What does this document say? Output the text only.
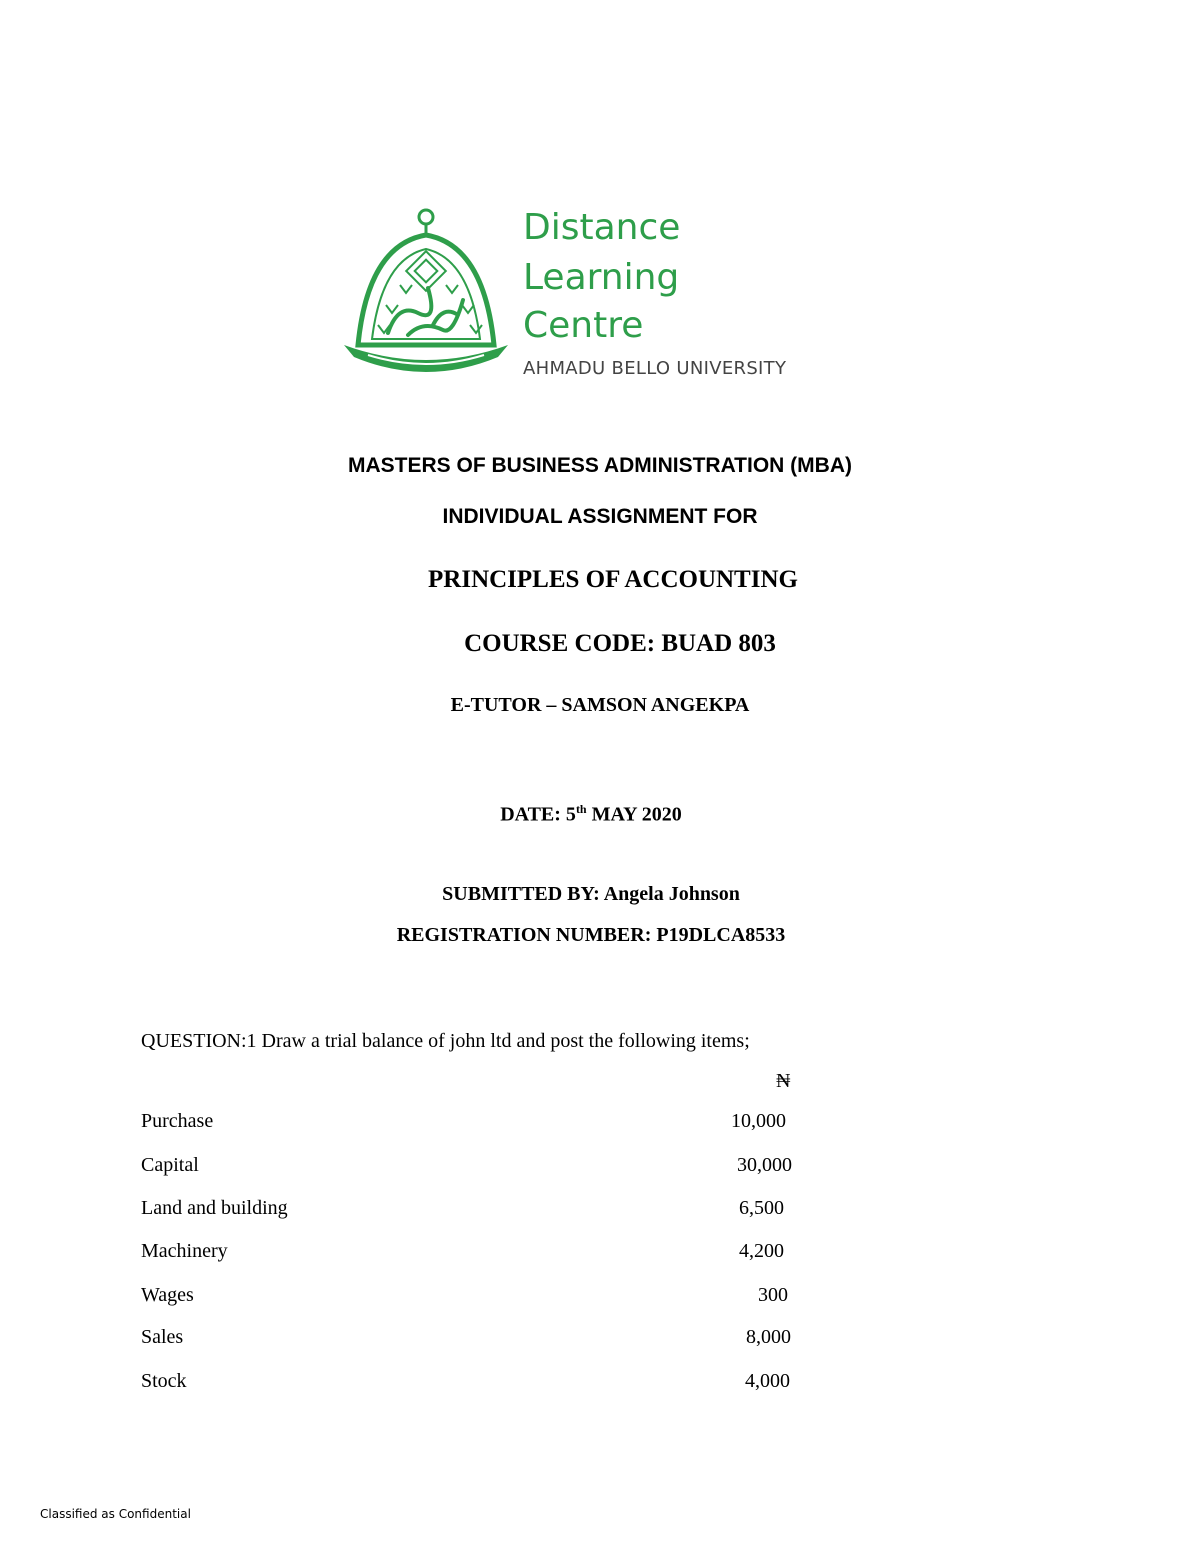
Distance
Learning
Centre
AHMADU BELLO UNIVERSITY
MASTERS OF BUSINESS ADMINISTRATION (MBA)
INDIVIDUAL ASSIGNMENT FOR
PRINCIPLES OF ACCOUNTING
COURSE CODE: BUAD 803
E-TUTOR – SAMSON ANGEKPA
DATE: 5th MAY 2020
SUBMITTED BY: Angela Johnson
REGISTRATION NUMBER: P19DLCA8533
QUESTION:1 Draw a trial balance of john ltd and post the following items;
₦
Purchase	10,000
Capital	30,000
Land and building	6,500
Machinery	4,200
Wages	300
Sales	8,000
Stock	4,000
Classified as Confidential
